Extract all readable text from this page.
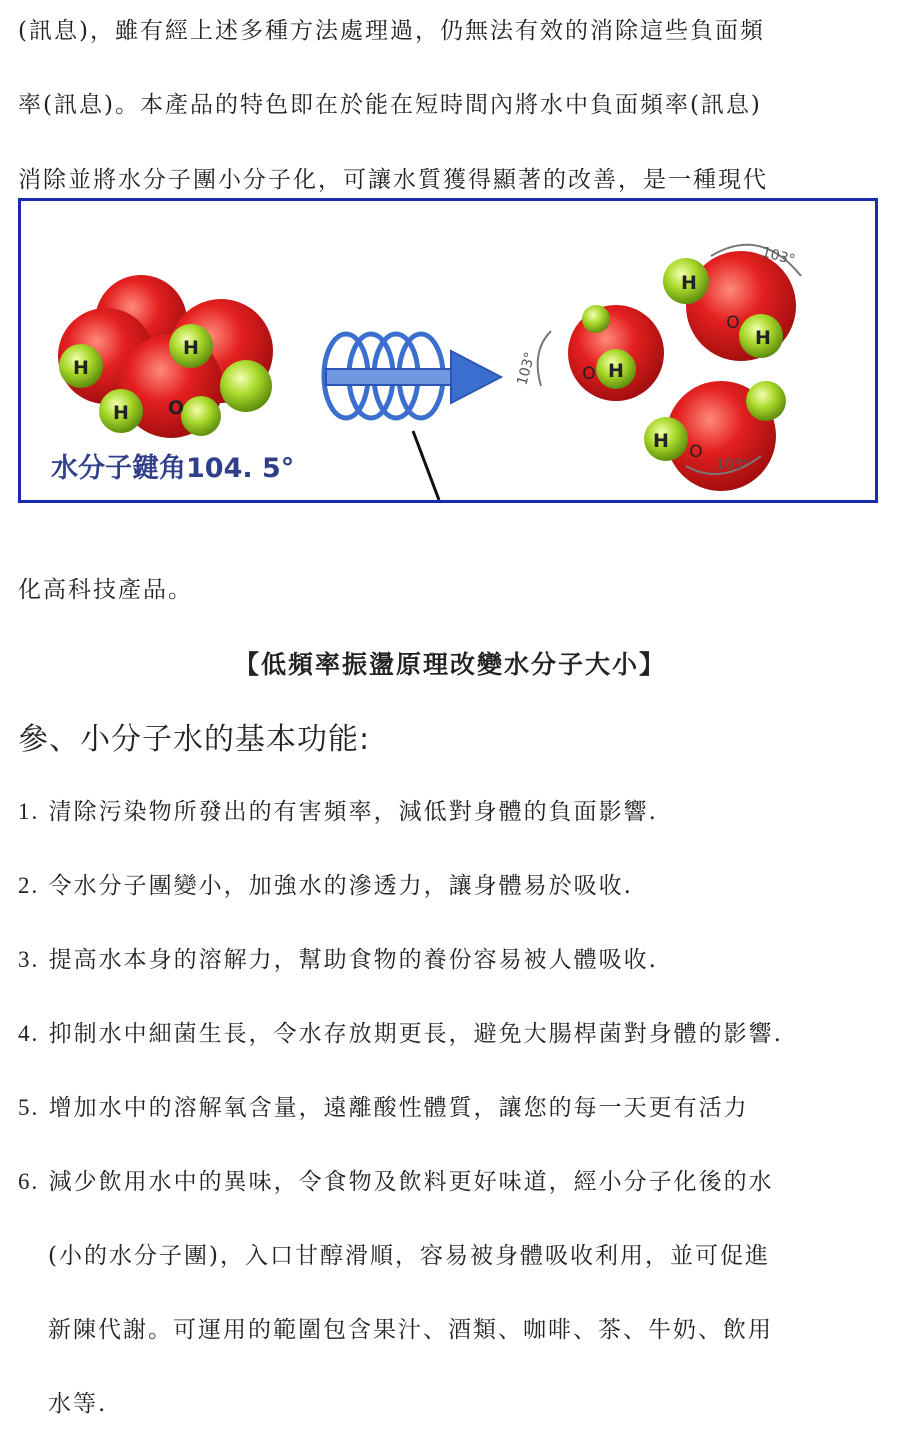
(訊息)，雖有經上述多種方法處理過，仍無法有效的消除這些負面頻
率(訊息)。本產品的特色即在於能在短時間內將水中負面頻率(訊息)
消除並將水分子團小分子化，可讓水質獲得顯著的改善，是一種現代
H
H
H O
水分子鍵角104. 5°
H
O
103°
H
H
O
103°
H O
103°
化高科技產品。
【低頻率振盪原理改變水分子大小】
參、小分子水的基本功能:
1. 清除污染物所發出的有害頻率，減低對身體的負面影響.
2. 令水分子團變小，加強水的滲透力，讓身體易於吸收.
3. 提高水本身的溶解力，幫助食物的養份容易被人體吸收.
4. 抑制水中細菌生長，令水存放期更長，避免大腸桿菌對身體的影響.
5. 增加水中的溶解氧含量，遠離酸性體質，讓您的每一天更有活力
6. 減少飲用水中的異味，令食物及飲料更好味道，經小分子化後的水
(小的水分子團)，入口甘醇滑順，容易被身體吸收利用，並可促進
新陳代謝。可運用的範圍包含果汁、酒類、咖啡、茶、牛奶、飲用
水等.
